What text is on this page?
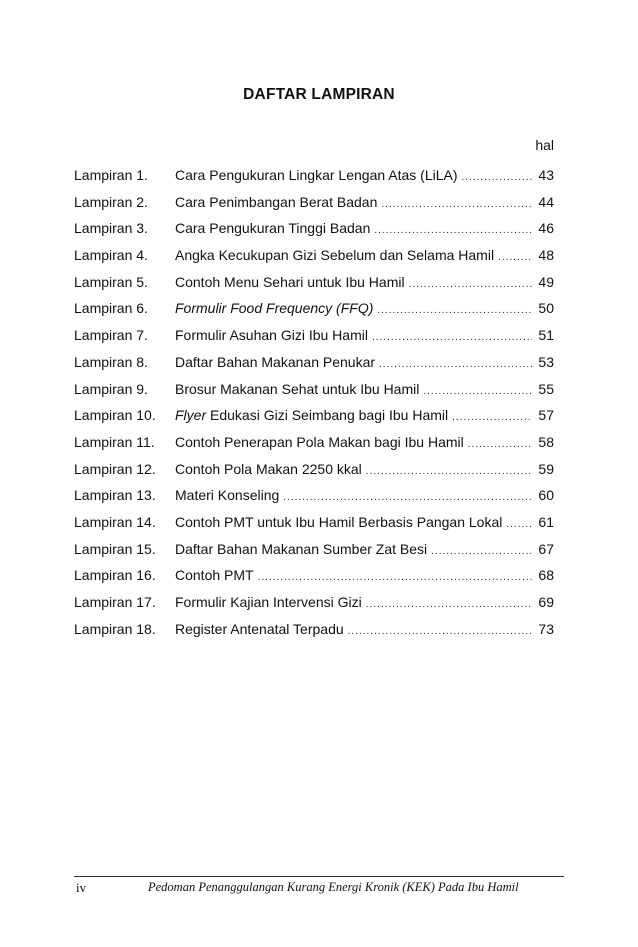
DAFTAR LAMPIRAN
hal
Lampiran 1.	Cara Pengukuran Lingkar Lengan Atas (LiLA) .....	43
Lampiran 2.	Cara Penimbangan Berat Badan .....	44
Lampiran 3.	Cara Pengukuran Tinggi Badan .....	46
Lampiran 4.	Angka Kecukupan Gizi Sebelum dan Selama Hamil .....	48
Lampiran 5.	Contoh Menu Sehari untuk Ibu Hamil .....	49
Lampiran 6.	Formulir Food Frequency (FFQ) .....	50
Lampiran 7.	Formulir Asuhan Gizi Ibu Hamil .....	51
Lampiran 8.	Daftar Bahan Makanan Penukar .....	53
Lampiran 9.	Brosur Makanan Sehat untuk Ibu Hamil .....	55
Lampiran 10.	Flyer Edukasi Gizi Seimbang bagi Ibu Hamil .....	57
Lampiran 11.	Contoh Penerapan Pola Makan bagi Ibu Hamil .....	58
Lampiran 12.	Contoh Pola Makan 2250 kkal .....	59
Lampiran 13.	Materi Konseling .....	60
Lampiran 14.	Contoh PMT untuk Ibu Hamil Berbasis Pangan Lokal .....	61
Lampiran 15.	Daftar Bahan Makanan Sumber Zat Besi .....	67
Lampiran 16.	Contoh PMT .....	68
Lampiran 17.	Formulir Kajian Intervensi Gizi .....	69
Lampiran 18.	Register Antenatal Terpadu .....	73
iv	Pedoman Penanggulangan Kurang Energi Kronik (KEK) Pada Ibu Hamil
